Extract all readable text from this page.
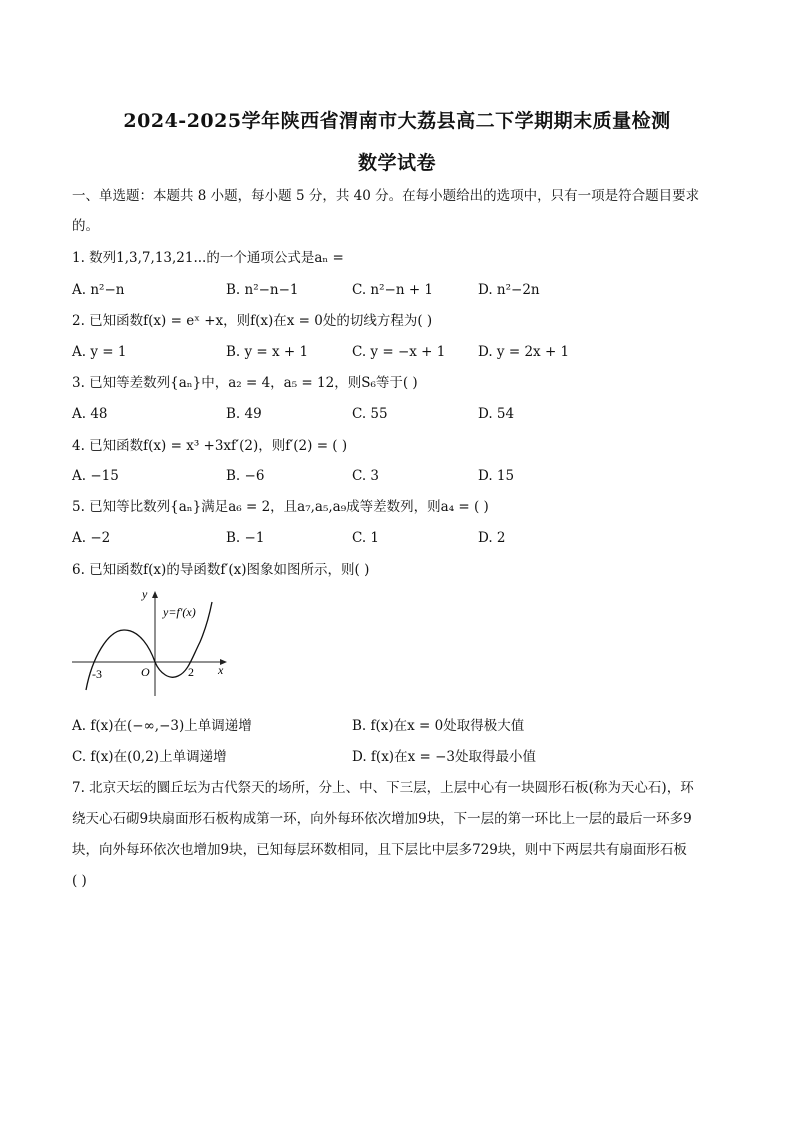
2024-2025学年陕西省渭南市大荔县高二下学期期末质量检测
数学试卷
一、单选题：本题共 8 小题，每小题 5 分，共 40 分。在每小题给出的选项中，只有一项是符合题目要求
的。
1. 数列1,3,7,13,21...的一个通项公式是aₙ =
A. n²−n	B. n²−n−1	C. n²−n + 1	D. n²−2n
2. 已知函数f(x) = eˣ +x，则f(x)在x = 0处的切线方程为( )
A. y = 1	B. y = x + 1	C. y = −x + 1 D. y = 2x + 1
3. 已知等差数列{aₙ}中，a₂ = 4，a₅ = 12，则S₆等于( )
A. 48	B. 49	C. 55	D. 54
4. 已知函数f(x) = x³ +3xf′(2)，则f′(2) = ( )
A. −15	B. −6	C. 3	D. 15
5. 已知等比数列{aₙ}满足a₆ = 2，且a₇,a₅,a₉成等差数列，则a₄ = ( )
A. −2	B. −1	C. 1	D. 2
6. 已知函数f(x)的导函数f′(x)图象如图所示，则( )
y
x
y=f′(x)
O
-3	2
A. f(x)在(−∞,−3)上单调递增	B. f(x)在x = 0处取得极大值
C. f(x)在(0,2)上单调递增	D. f(x)在x = −3处取得最小值
7. 北京天坛的圜丘坛为古代祭天的场所，分上、中、下三层，上层中心有一块圆形石板(称为天心石)，环
绕天心石砌9块扇面形石板构成第一环，向外每环依次增加9块，下一层的第一环比上一层的最后一环多9
块，向外每环依次也增加9块，已知每层环数相同，且下层比中层多729块，则中下两层共有扇面形石板
( )
